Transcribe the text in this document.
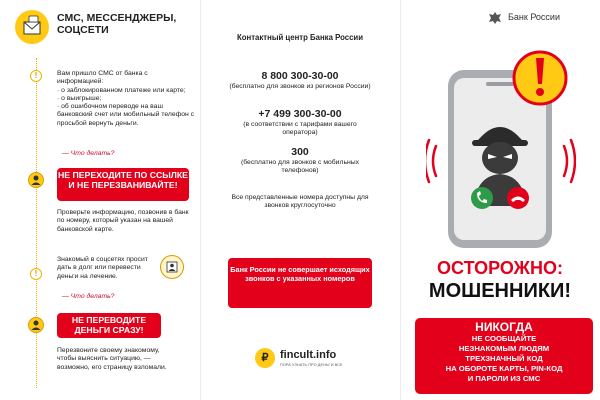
СМС, МЕССЕНДЖЕРЫ, СОЦСЕТИ
!	Вам пришло СМС от банка с информацией:

· о заблокированном платеже или карте;

· о выигрыше;

· об ошибочном переводе на ваш банковский счет или мобильный телефон с просьбой вернуть деньги.

— Что делать?
НЕ ПЕРЕХОДИТЕ ПО ССЫЛКЕ И НЕ ПЕРЕЗВАНИВАЙТЕ!
Проверьте информацию, позвонив в банк по номеру, который указан на вашей банковской карте.
!
Знакомый в соцсетях просит дать в долг или перевести деньги на лечение.
— Что делать?
НЕ ПЕРЕВОДИТЕ ДЕНЬГИ СРАЗУ!
Перезвоните своему знакомому, чтобы выяснить ситуацию, — возможно, его страницу взломали.
Контактный центр Банка России
8 800 300-30-00
(бесплатно для звонков из регионов России)
+7 499 300-30-00
(в соответствии с тарифами вашего оператора)
300
(бесплатно для звонков с мобильных телефонов)
Все представленные номера доступны для звонков круглосуточно
Банк России не совершает исходящих звонков с указанных номеров
₽	fincult.info
ПОРА УЗНАТЬ ПРО ДЕНЬГИ ВСЕ
Банк России
ОСТОРОЖНО:
МОШЕННИКИ!
НИКОГДА
НЕ СООБЩАЙТЕ
НЕЗНАКОМЫМ ЛЮДЯМ
ТРЕХЗНАЧНЫЙ КОД
НА ОБОРОТЕ КАРТЫ, PIN-КОД
И ПАРОЛИ ИЗ СМС
